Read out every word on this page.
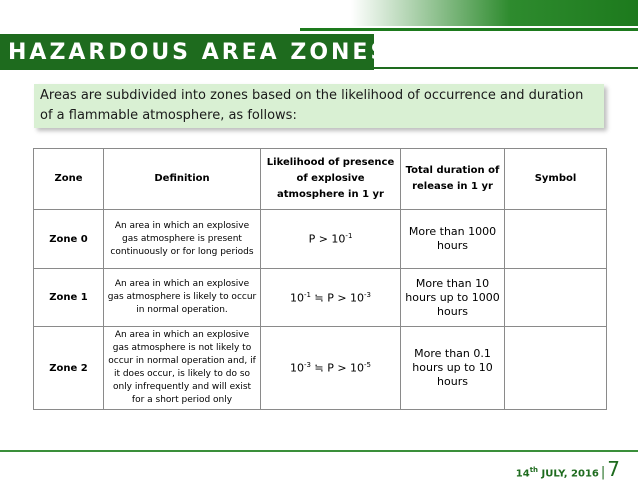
HAZARDOUS AREA ZONES
Areas are subdivided into zones based on the likelihood of occurrence and duration of a flammable atmosphere, as follows:
Zone	Definition	Likelihood of presence of explosive atmosphere in 1 yr	Total duration of release in 1 yr	Symbol
Zone 0	An area in which an explosive gas atmosphere is present continuously or for long periods	$P > 10^{-1}$	More than 1000 hours	
Zone 1	An area in which an explosive gas atmosphere is likely to occur in normal operation.	$10^{-1}$ ≒ $P > 10^{-3}$	More than 10 hours up to 1000 hours	
Zone 2	An area in which an explosive gas atmosphere is not likely to occur in normal operation and, if it does occur, is likely to do so only infrequently and will exist for a short period only	$10^{-3}$ ≒ $P > 10^{-5}$	More than 0.1 hours up to 10 hours	
14th JULY, 2016 | 7
